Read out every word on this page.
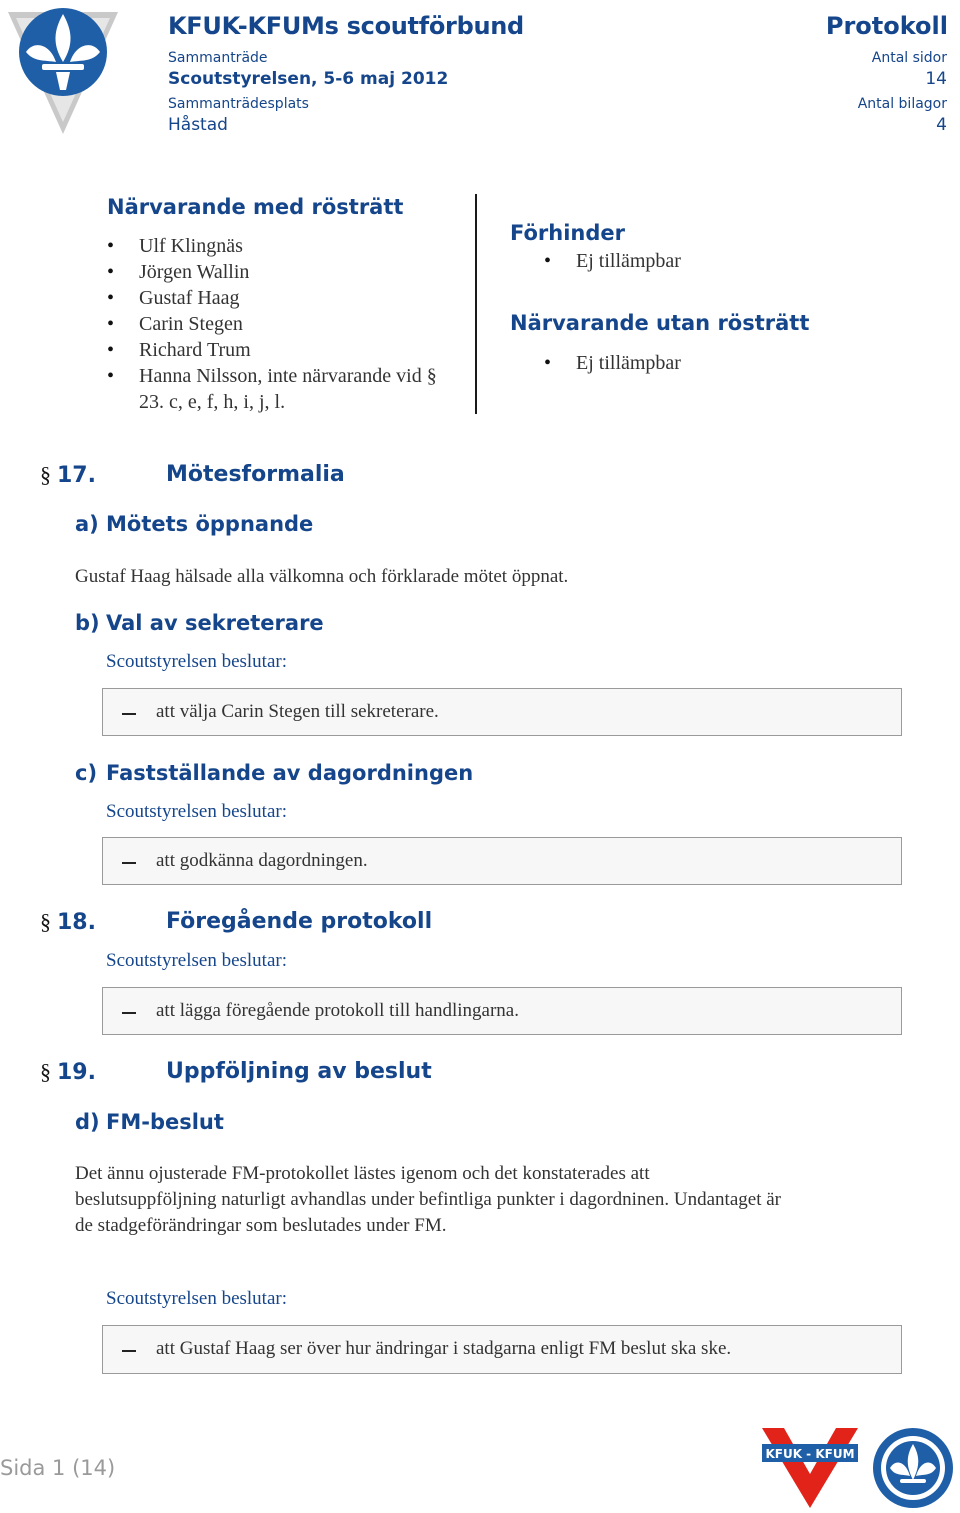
KFUK-KFUMs scoutförbund	Protokoll
Sammanträde
Scoutstyrelsen, 5-6 maj 2012
Sammanträdesplats
Håstad
Antal sidor
14
Antal bilagor
4
Närvarande med rösträtt
• Ulf Klingnäs
• Jörgen Wallin
• Gustaf Haag
• Carin Stegen
• Richard Trum
• Hanna Nilsson, inte närvarande vid § 23. c, e, f, h, i, j, l.
Förhinder
• Ej tillämpbar
Närvarande utan rösträtt
• Ej tillämpbar
§ 17.	Mötesformalia
a) Mötets öppnande
Gustaf Haag hälsade alla välkomna och förklarade mötet öppnat.
b) Val av sekreterare
Scoutstyrelsen beslutar:
att välja Carin Stegen till sekreterare.
c) Fastställande av dagordningen
Scoutstyrelsen beslutar:
att godkänna dagordningen.
§ 18.	Föregående protokoll
Scoutstyrelsen beslutar:
att lägga föregående protokoll till handlingarna.
§ 19.	Uppföljning av beslut
d) FM-beslut
Det ännu ojusterade FM-protokollet lästes igenom och det konstaterades att
beslutsuppföljning naturligt avhandlas under befintliga punkter i dagordninen. Undantaget är
de stadgeförändringar som beslutades under FM.
Scoutstyrelsen beslutar:
att Gustaf Haag ser över hur ändringar i stadgarna enligt FM beslut ska ske.
Sida 1 (14)
KFUK - KFUM
